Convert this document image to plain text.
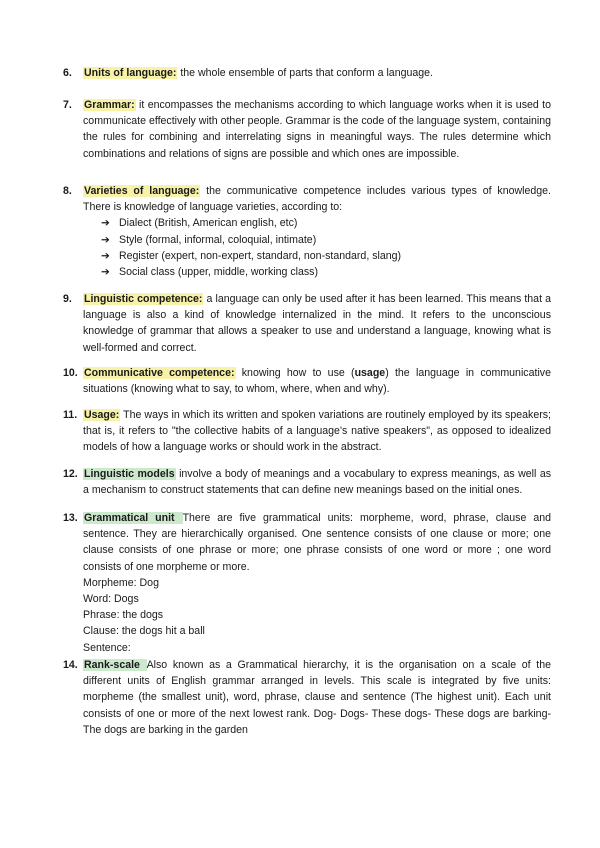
6. Units of language: the whole ensemble of parts that conform a language.
7. Grammar: it encompasses the mechanisms according to which language works when it is used to communicate effectively with other people. Grammar is the code of the language system, containing the rules for combining and interrelating signs in meaningful ways. The rules determine which combinations and relations of signs are possible and which ones are impossible.
8. Varieties of language: the communicative competence includes various types of knowledge. There is knowledge of language varieties, according to:
➔ Dialect (British, American english, etc)
➔ Style (formal, informal, coloquial, intimate)
➔ Register (expert, non-expert, standard, non-standard, slang)
➔ Social class (upper, middle, working class)
9. Linguistic competence: a language can only be used after it has been learned. This means that a language is also a kind of knowledge internalized in the mind. It refers to the unconscious knowledge of grammar that allows a speaker to use and understand a language, knowing what is well-formed and correct.
10. Communicative competence: knowing how to use (usage) the language in communicative situations (knowing what to say, to whom, where, when and why).
11. Usage: The ways in which its written and spoken variations are routinely employed by its speakers; that is, it refers to "the collective habits of a language's native speakers", as opposed to idealized models of how a language works or should work in the abstract.
12. Linguistic models involve a body of meanings and a vocabulary to express meanings, as well as a mechanism to construct statements that can define new meanings based on the initial ones.
13. Grammatical unit There are five grammatical units: morpheme, word, phrase, clause and sentence. They are hierarchically organised. One sentence consists of one clause or more; one clause consists of one phrase or more; one phrase consists of one word or more ; one word consists of one morpheme or more.
Morpheme: Dog
Word: Dogs
Phrase: the dogs
Clause: the dogs hit a ball
Sentence:
14. Rank-scale Also known as a Grammatical hierarchy, it is the organisation on a scale of the different units of English grammar arranged in levels. This scale is integrated by five units: morpheme (the smallest unit), word, phrase, clause and sentence (The highest unit). Each unit consists of one or more of the next lowest rank. Dog- Dogs- These dogs- These dogs are barking- The dogs are barking in the garden
